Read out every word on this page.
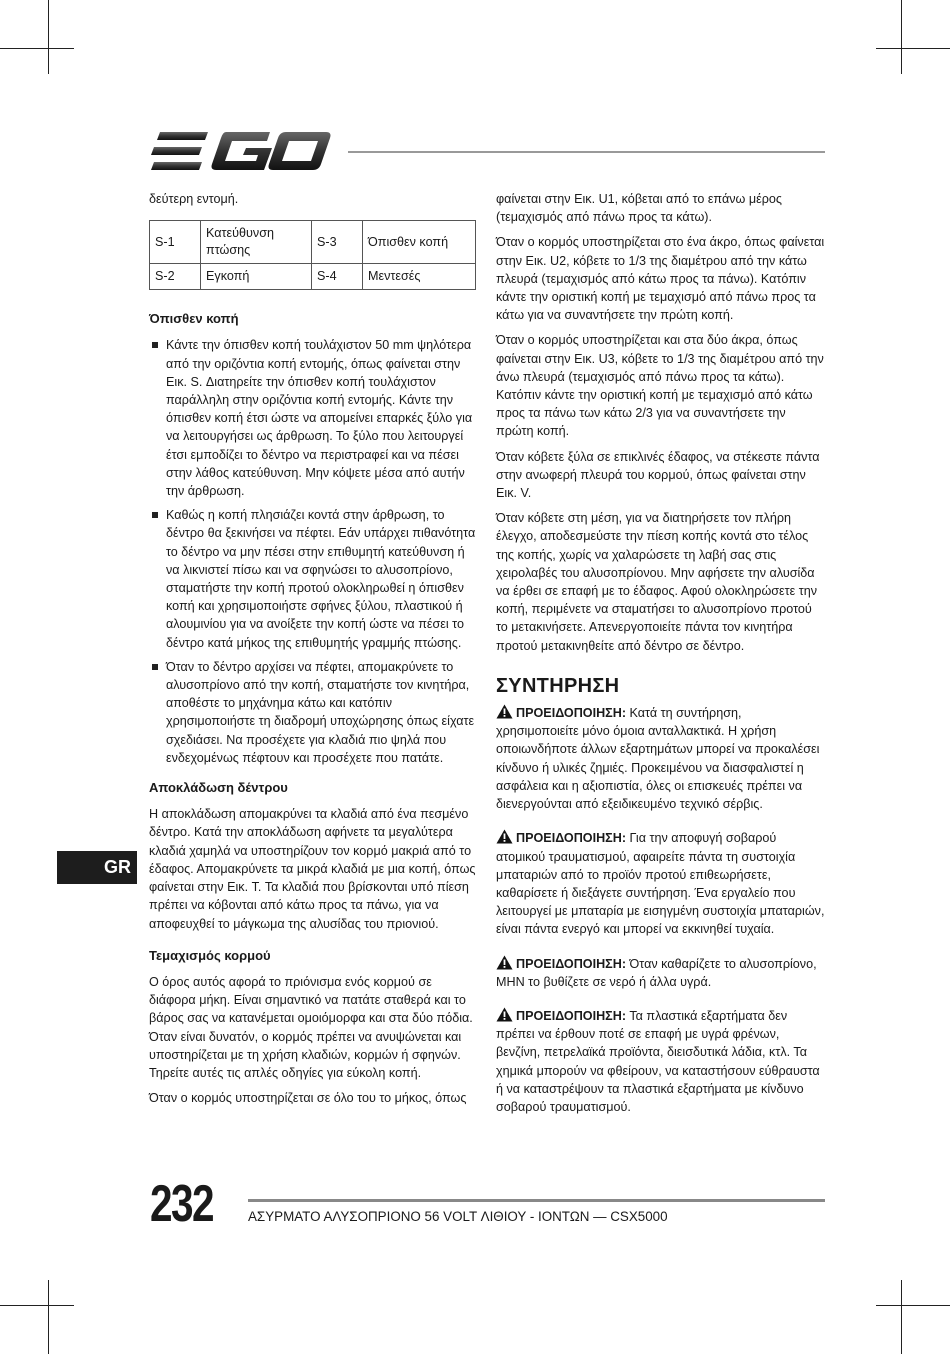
δεύτερη εντομή.

S-1	Κατεύθυνση πτώσης	S-3	Όπισθεν κοπή
S-2	Εγκοπή	S-4	Μεντεσές
Όπισθεν κοπή
Κάντε την όπισθεν κοπή τουλάχιστον 50 mm ψηλότερα από την οριζόντια κοπή εντομής, όπως φαίνεται στην Εικ. S. Διατηρείτε την όπισθεν κοπή τουλάχιστον παράλληλη στην οριζόντια κοπή εντομής. Κάντε την όπισθεν κοπή έτσι ώστε να απομείνει επαρκές ξύλο για να λειτουργήσει ως άρθρωση. Το ξύλο που λειτουργεί έτσι εμποδίζει το δέντρο να περιστραφεί και να πέσει στην λάθος κατεύθυνση. Μην κόψετε μέσα από αυτήν την άρθρωση.
Καθώς η κοπή πλησιάζει κοντά στην άρθρωση, το δέντρο θα ξεκινήσει να πέφτει. Εάν υπάρχει πιθανότητα το δέντρο να μην πέσει στην επιθυμητή κατεύθυνση ή να λικνιστεί πίσω και να σφηνώσει το αλυσοπρίονο, σταματήστε την κοπή προτού ολοκληρωθεί η όπισθεν κοπή και χρησιμοποιήστε σφήνες ξύλου, πλαστικού ή αλουμινίου για να ανοίξετε την κοπή ώστε να πέσει το δέντρο κατά μήκος της επιθυμητής γραμμής πτώσης.
Όταν το δέντρο αρχίσει να πέφτει, απομακρύνετε το αλυσοπρίονο από την κοπή, σταματήστε τον κινητήρα, αποθέστε το μηχάνημα κάτω και κατόπιν χρησιμοποιήστε τη διαδρομή υποχώρησης όπως είχατε σχεδιάσει. Να προσέχετε για κλαδιά πιο ψηλά που ενδεχομένως πέφτουν και προσέχετε που πατάτε.
Αποκλάδωση δέντρου

Η αποκλάδωση απομακρύνει τα κλαδιά από ένα πεσμένο δέντρο. Κατά την αποκλάδωση αφήνετε τα μεγαλύτερα κλαδιά χαμηλά να υποστηρίζουν τον κορμό μακριά από το έδαφος. Απομακρύνετε τα μικρά κλαδιά με μια κοπή, όπως φαίνεται στην Εικ. T. Τα κλαδιά που βρίσκονται υπό πίεση πρέπει να κόβονται από κάτω προς τα πάνω, για να αποφευχθεί το μάγκωμα της αλυσίδας του πριονιού.

Τεμαχισμός κορμού

Ο όρος αυτός αφορά το πριόνισμα ενός κορμού σε διάφορα μήκη. Είναι σημαντικό να πατάτε σταθερά και το βάρος σας να κατανέμεται ομοιόμορφα και στα δύο πόδια. Όταν είναι δυνατόν, ο κορμός πρέπει να ανυψώνεται και υποστηρίζεται με τη χρήση κλαδιών, κορμών ή σφηνών. Τηρείτε αυτές τις απλές οδηγίες για εύκολη κοπή.

Όταν ο κορμός υποστηρίζεται σε όλο του το μήκος, όπως

φαίνεται στην Εικ. U1, κόβεται από το επάνω μέρος (τεμαχισμός από πάνω προς τα κάτω).

Όταν ο κορμός υποστηρίζεται στο ένα άκρο, όπως φαίνεται στην Εικ. U2, κόβετε το 1/3 της διαμέτρου από την κάτω πλευρά (τεμαχισμός από κάτω προς τα πάνω). Κατόπιν κάντε την οριστική κοπή με τεμαχισμό από πάνω προς τα κάτω για να συναντήσετε την πρώτη κοπή.

Όταν ο κορμός υποστηρίζεται και στα δύο άκρα, όπως φαίνεται στην Εικ. U3, κόβετε το 1/3 της διαμέτρου από την άνω πλευρά (τεμαχισμός από πάνω προς τα κάτω). Κατόπιν κάντε την οριστική κοπή με τεμαχισμό από κάτω προς τα πάνω των κάτω 2/3 για να συναντήσετε την πρώτη κοπή.

Όταν κόβετε ξύλα σε επικλινές έδαφος, να στέκεστε πάντα στην ανωφερή πλευρά του κορμού, όπως φαίνεται στην Εικ. V.

Όταν κόβετε στη μέση, για να διατηρήσετε τον πλήρη έλεγχο, αποδεσμεύστε την πίεση κοπής κοντά στο τέλος της κοπής, χωρίς να χαλαρώσετε τη λαβή σας στις χειρολαβές του αλυσοπρίονου. Μην αφήσετε την αλυσίδα να έρθει σε επαφή με το έδαφος. Αφού ολοκληρώσετε την κοπή, περιμένετε να σταματήσει το αλυσοπρίονο προτού το μετακινήσετε. Απενεργοποιείτε πάντα τον κινητήρα προτού μετακινηθείτε από δέντρο σε δέντρο.

ΣΥΝΤΗΡΗΣΗ
ΠΡΟΕΙΔΟΠΟΙΗΣΗ: Κατά τη συντήρηση, χρησιμοποιείτε μόνο όμοια ανταλλακτικά. Η χρήση οποιωνδήποτε άλλων εξαρτημάτων μπορεί να προκαλέσει κίνδυνο ή υλικές ζημιές. Προκειμένου να διασφαλιστεί η ασφάλεια και η αξιοπιστία, όλες οι επισκευές πρέπει να διενεργούνται από εξειδικευμένο τεχνικό σέρβις.
ΠΡΟΕΙΔΟΠΟΙΗΣΗ: Για την αποφυγή σοβαρού ατομικού τραυματισμού, αφαιρείτε πάντα τη συστοιχία μπαταριών από το προϊόν προτού επιθεωρήσετε, καθαρίσετε ή διεξάγετε συντήρηση. Ένα εργαλείο που λειτουργεί με μπαταρία με εισηγμένη συστοιχία μπαταριών, είναι πάντα ενεργό και μπορεί να εκκινηθεί τυχαία.
ΠΡΟΕΙΔΟΠΟΙΗΣΗ: Όταν καθαρίζετε το αλυσοπρίονο, ΜΗΝ το βυθίζετε σε νερό ή άλλα υγρά.
ΠΡΟΕΙΔΟΠΟΙΗΣΗ: Τα πλαστικά εξαρτήματα δεν πρέπει να έρθουν ποτέ σε επαφή με υγρά φρένων, βενζίνη, πετρελαϊκά προϊόντα, διεισδυτικά λάδια, κτλ. Τα χημικά μπορούν να φθείρουν, να καταστήσουν εύθραυστα ή να καταστρέψουν τα πλαστικά εξαρτήματα με κίνδυνο σοβαρού τραυματισμού.
GR
232	ΑΣΥΡΜΑΤΟ ΑΛΥΣΟΠΡΙΟΝΟ 56 VOLT ΛΙΘΙΟΥ - ΙΟΝΤΩΝ — CSX5000
